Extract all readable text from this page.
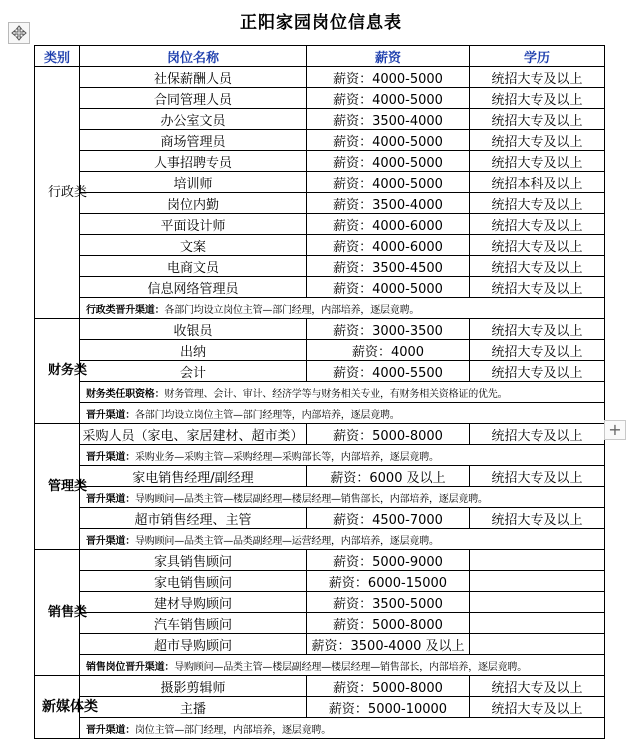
正阳家园岗位信息表
类别	岗位名称	薪资	学历

行政类	社保薪酬人员	薪资：4000-5000	统招大专及以上
	合同管理人员	薪资：4000-5000	统招大专及以上
	办公室文员	薪资：3500-4000	统招大专及以上
	商场管理员	薪资：4000-5000	统招大专及以上
	人事招聘专员	薪资：4000-5000	统招大专及以上
	培训师	薪资：4000-5000	统招本科及以上
	岗位内勤	薪资：3500-4000	统招大专及以上
	平面设计师	薪资：4000-6000	统招大专及以上
	文案	薪资：4000-6000	统招大专及以上
	电商文员	薪资：3500-4500	统招大专及以上
	信息网络管理员	薪资：4000-5000	统招大专及以上
	行政类晋升渠道：各部门均设立岗位主管—部门经理，内部培养，逐层竟聘。		

财务类	收银员	薪资：3000-3500	统招大专及以上
	出纳	薪资：4000	统招大专及以上
	会计	薪资：4000-5500	统招大专及以上
	财务类任职资格：财务管理、会计、审计、经济学等与财务相关专业，有财务相关资格证的优先。		
	晋升渠道：各部门均设立岗位主管—部门经理等，内部培养，逐层竟聘。		

管理类	采购人员（家电、家居建材、超市类）	薪资：5000-8000	统招大专及以上
	晋升渠道：采购业务—采购主管—采购经理—采购部长等，内部培养，逐层竟聘。		
	家电销售经理/副经理	薪资：6000 及以上	统招大专及以上
	晋升渠道：导购顾问—品类主管—楼层副经理—楼层经理—销售部长，内部培养，逐层竟聘。		
	超市销售经理、主管	薪资：4500-7000	统招大专及以上
	晋升渠道：导购顾问—品类主管—品类副经理—运营经理，内部培养，逐层竟聘。		

销售类	家具销售顾问	薪资：5000-9000	
	家电销售顾问	薪资：6000-15000	
	建材导购顾问	薪资：3500-5000	
	汽车销售顾问	薪资：5000-8000	
	超市导购顾问	薪资：3500-4000 及以上	
	销售岗位晋升渠道：导购顾问—品类主管—楼层副经理—楼层经理—销售部长，内部培养，逐层竟聘。		

新媒体类	摄影剪辑师	薪资：5000-8000	统招大专及以上
	主播	薪资：5000-10000	统招大专及以上
	晋升渠道：岗位主管—部门经理，内部培养，逐层竟聘。		
+
